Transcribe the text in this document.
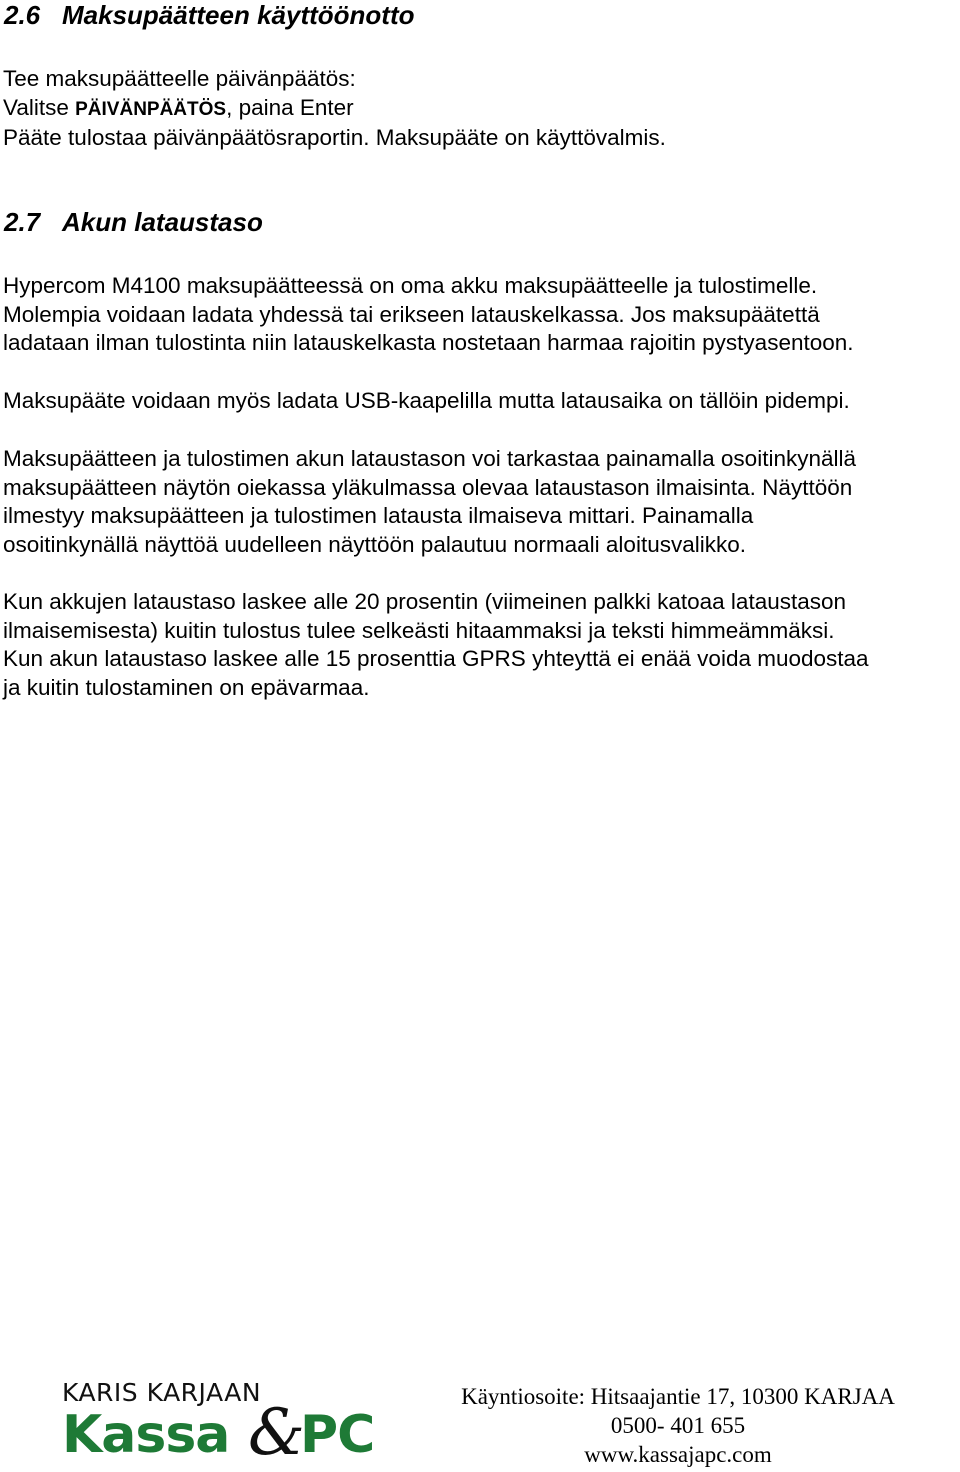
2.6 Maksupäätteen käyttöönotto

Tee maksupäätteelle päivänpäätös:
Valitse PÄIVÄNPÄÄTÖS, paina Enter
Pääte tulostaa päivänpäätösraportin. Maksupääte on käyttövalmis.

2.7 Akun lataustaso

Hypercom M4100 maksupäätteessä on oma akku maksupäätteelle ja tulostimelle.
Molempia voidaan ladata yhdessä tai erikseen latauskelkassa. Jos maksupäätettä
ladataan ilman tulostinta niin latauskelkasta nostetaan harmaa rajoitin pystyasentoon.

Maksupääte voidaan myös ladata USB-kaapelilla mutta latausaika on tällöin pidempi.

Maksupäätteen ja tulostimen akun lataustason voi tarkastaa painamalla osoitinkynällä
maksupäätteen näytön oiekassa yläkulmassa olevaa lataustason ilmaisinta. Näyttöön
ilmestyy maksupäätteen ja tulostimen latausta ilmaiseva mittari. Painamalla
osoitinkynällä näyttöä uudelleen näyttöön palautuu normaali aloitusvalikko.

Kun akkujen lataustaso laskee alle 20 prosentin (viimeinen palkki katoaa lataustason
ilmaisemisesta) kuitin tulostus tulee selkeästi hitaammaksi ja teksti himmeämmäksi.
Kun akun lataustaso laskee alle 15 prosenttia GPRS yhteyttä ei enää voida muodostaa
ja kuitin tulostaminen on epävarmaa.

KARIS KARJAAN
Kassa &
PC
Käyntiosoite: Hitsaajantie 17, 10300 KARJAA
0500- 401 655
www.kassajapc.com
